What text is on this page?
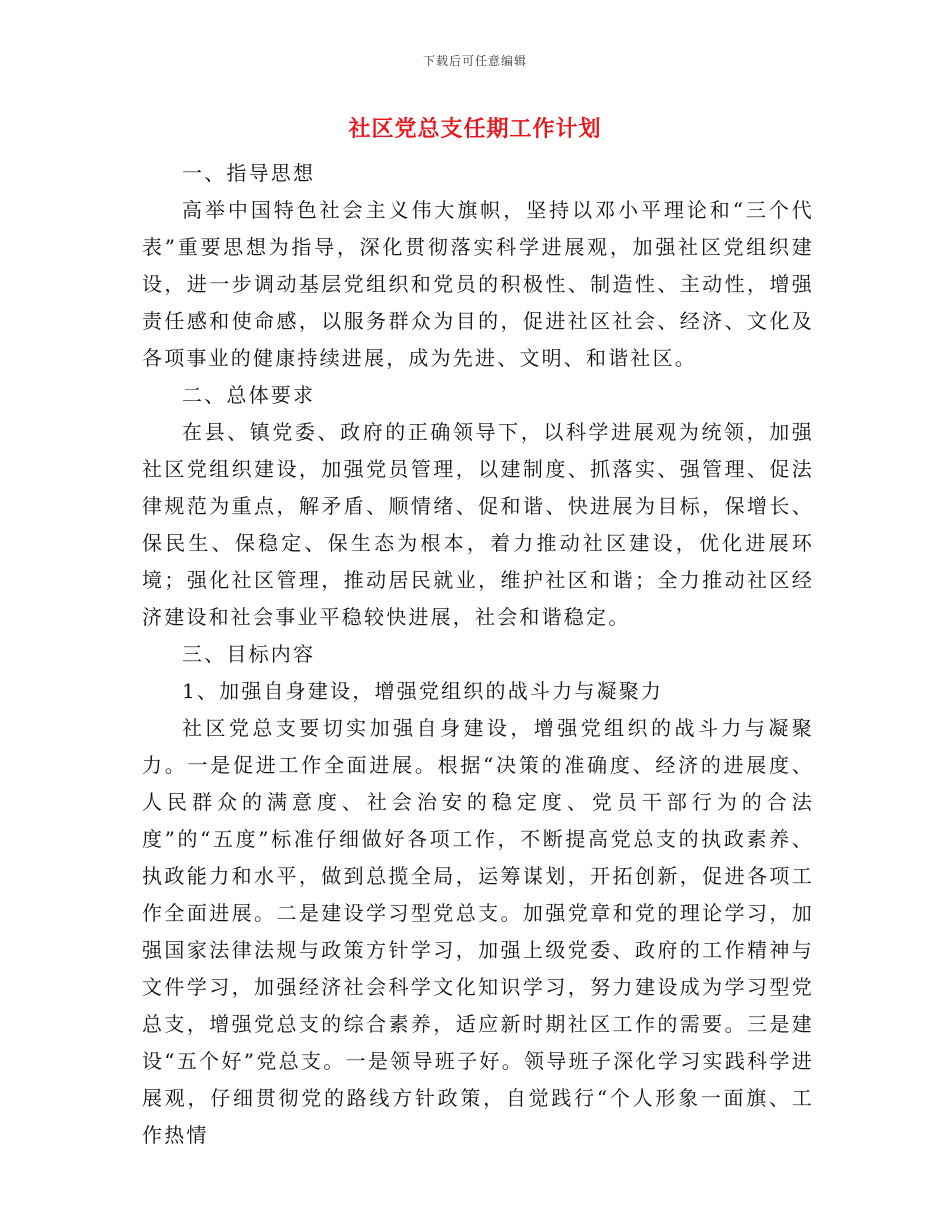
下载后可任意编辑
社区党总支任期工作计划

一、指导思想

高举中国特色社会主义伟大旗帜，坚持以邓小平理论和“三个代表”重要思想为指导，深化贯彻落实科学进展观，加强社区党组织建设，进一步调动基层党组织和党员的积极性、制造性、主动性，增强责任感和使命感，以服务群众为目的，促进社区社会、经济、文化及各项事业的健康持续进展，成为先进、文明、和谐社区。

二、总体要求

在县、镇党委、政府的正确领导下，以科学进展观为统领，加强社区党组织建设，加强党员管理，以建制度、抓落实、强管理、促法律规范为重点，解矛盾、顺情绪、促和谐、快进展为目标，保增长、保民生、保稳定、保生态为根本，着力推动社区建设，优化进展环境；强化社区管理，推动居民就业，维护社区和谐；全力推动社区经济建设和社会事业平稳较快进展，社会和谐稳定。

三、目标内容

1、加强自身建设，增强党组织的战斗力与凝聚力

社区党总支要切实加强自身建设，增强党组织的战斗力与凝聚力。一是促进工作全面进展。根据“决策的准确度、经济的进展度、人民群众的满意度、社会治安的稳定度、党员干部行为的合法度”的“五度”标准仔细做好各项工作，不断提高党总支的执政素养、执政能力和水平，做到总揽全局，运筹谋划，开拓创新，促进各项工作全面进展。二是建设学习型党总支。加强党章和党的理论学习，加强国家法律法规与政策方针学习，加强上级党委、政府的工作精神与文件学习，加强经济社会科学文化知识学习，努力建设成为学习型党总支，增强党总支的综合素养，适应新时期社区工作的需要。三是建设“五个好”党总支。一是领导班子好。领导班子深化学习实践科学进展观，仔细贯彻党的路线方针政策，自觉践行“个人形象一面旗、工作热情
